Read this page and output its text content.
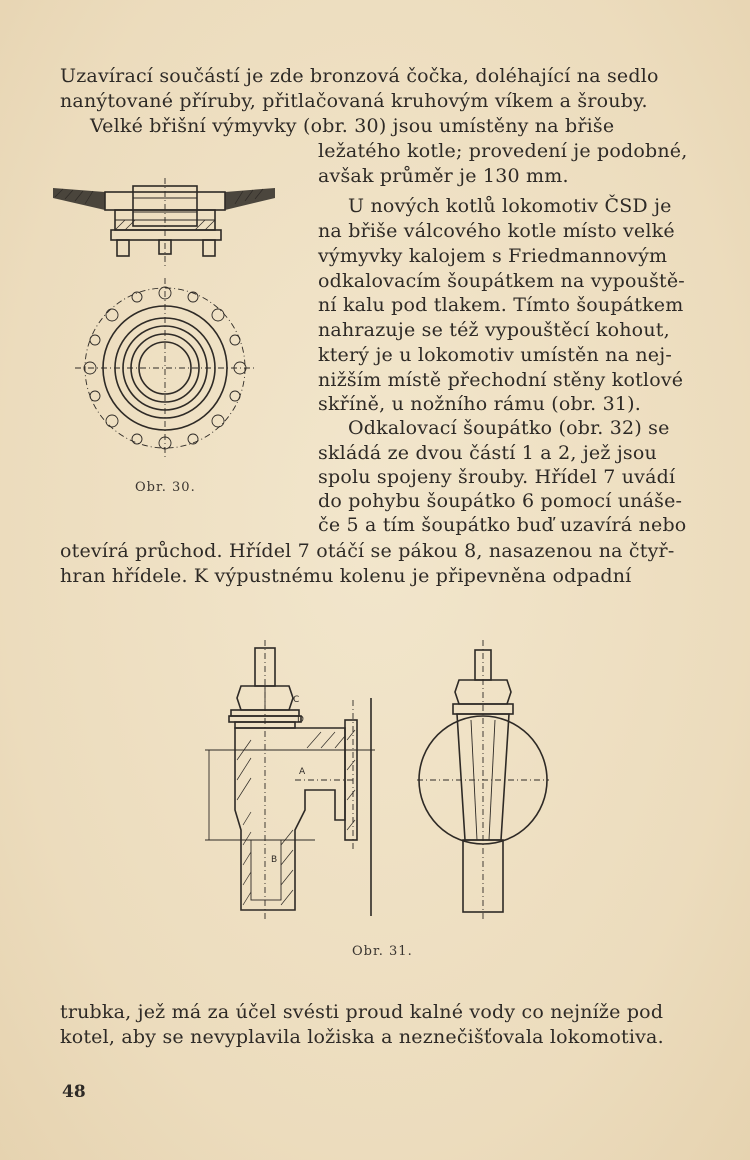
Uzavírací součástí je zde bronzová čočka, doléhající na sedlo
nanýtované příruby, přitlačovaná kruhovým víkem a šrouby.
Velké břišní výmyvky (obr. 30) jsou umístěny na břiše
ležatého kotle; provedení je podobné,
avšak průměr je 130 mm.
U nových kotlů lokomotiv ČSD je
na břiše válcového kotle místo velké
výmyvky kalojem s Friedmannovým
odkalovacím šoupátkem na vypouště-
ní kalu pod tlakem. Tímto šoupátkem
nahrazuje se též vypouštěcí kohout,
který je u lokomotiv umístěn na nej-
nižším místě přechodní stěny kotlové
skříně, u nožního rámu (obr. 31).
Odkalovací šoupátko (obr. 32) se
skládá ze dvou částí 1 a 2, jež jsou
spolu spojeny šrouby. Hřídel 7 uvádí
do pohybu šoupátko 6 pomocí unáše-
če 5 a tím šoupátko buď uzavírá nebo
otevírá průchod. Hřídel 7 otáčí se pákou 8, nasazenou na čtyř-
hran hřídele. K výpustnému kolenu je připevněna odpadní
Obr. 30.
C
D
A
B
Obr. 31.
trubka, jež má za účel svésti proud kalné vody co nejníže pod
kotel, aby se nevyplavila ložiska a neznečišťovala lokomotiva.
48
